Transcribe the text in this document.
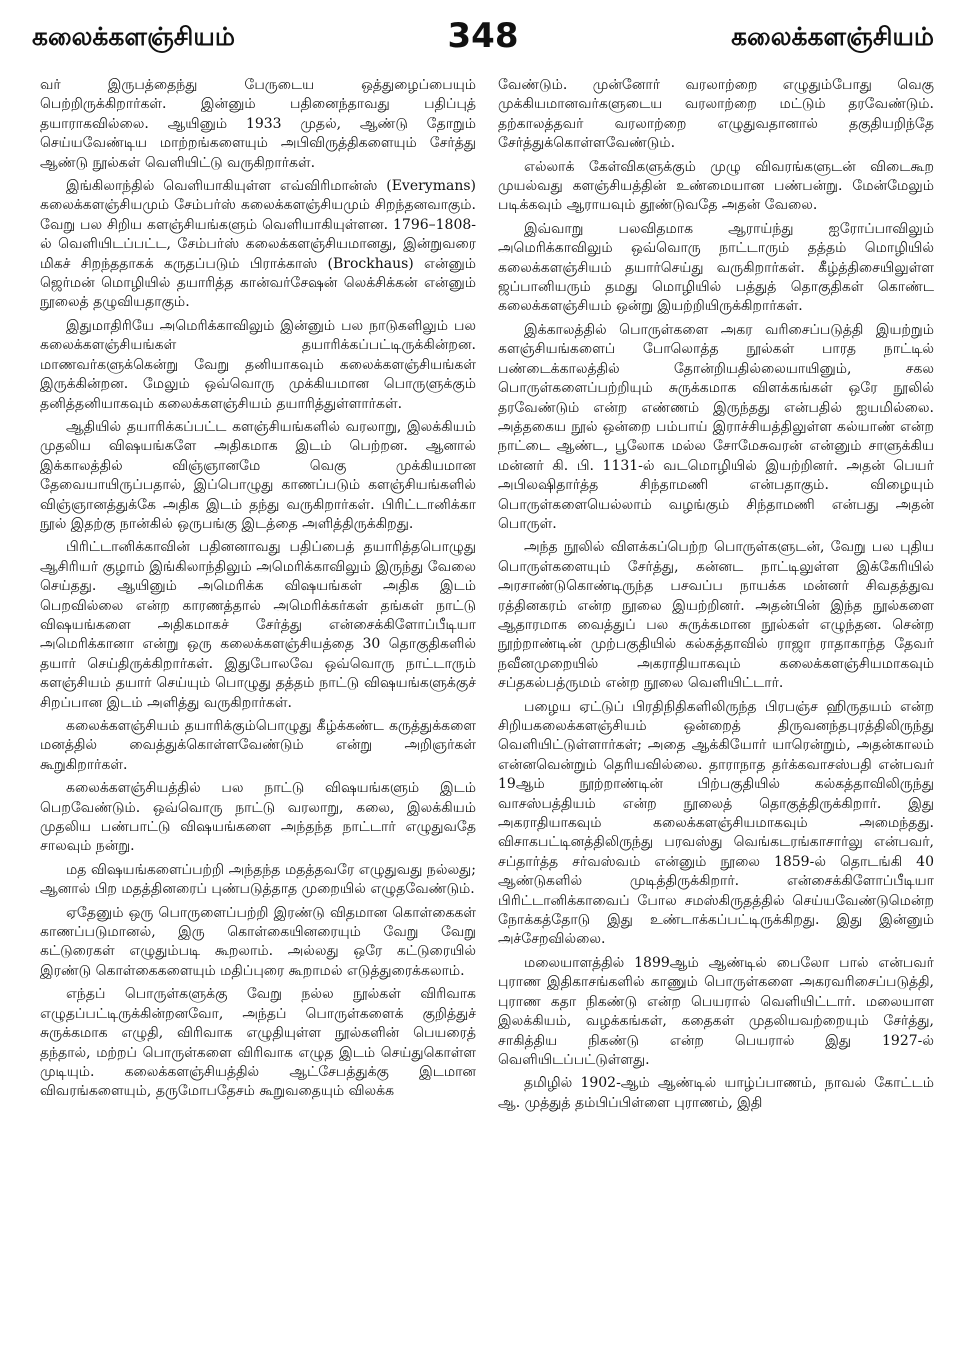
கலைக்களஞ்சியம்	348	கலைக்களஞ்சியம்

வர் இருபத்தைந்து பேருடைய ஒத்துழைப்பையும் பெற்றிருக்கிறார்கள். இன்னும் பதினைந்தாவது பதிப்புத் தயாராகவில்லை. ஆயினும் 1933 முதல், ஆண்டு தோறும் செய்யவேண்டிய மாற்றங்களையும் அபிவிருத்திகளையும் சேர்த்து ஆண்டு நூல்கள் வெளியிட்டு வருகிறார்கள்.

இங்கிலாந்தில் வெளியாகியுள்ள எவ்விரிமான்ஸ் (Everymans) கலைக்களஞ்சியமும் சேம்பர்ஸ் கலைக்களஞ்சியமும் சிறந்தனவாகும். வேறு பல சிறிய களஞ்சியங்களும் வெளியாகியுள்ளன. 1796–1808-ல் வெளியிடப்பட்ட, சேம்பர்ஸ் கலைக்களஞ்சியமானது, இன்றுவரை மிகச் சிறந்ததாகக் கருதப்படும் பிராக்காஸ் (Brockhaus) என்னும் ஜெர்மன் மொழியில் தயாரித்த கான்வர்சேஷன் லெக்சிக்கன் என்னும் நூலைத் தழுவியதாகும்.

இதுமாதிரியே அமெரிக்காவிலும் இன்னும் பல நாடுகளிலும் பல கலைக்களஞ்சியங்கள் தயாரிக்கப்பட்டிருக்கின்றன. மாணவர்களுக்கென்று வேறு தனியாகவும் கலைக்களஞ்சியங்கள் இருக்கின்றன. மேலும் ஒவ்வொரு முக்கியமான பொருளுக்கும் தனித்தனியாகவும் கலைக்களஞ்சியம் தயாரித்துள்ளார்கள்.

ஆதியில் தயாரிக்கப்பட்ட களஞ்சியங்களில் வரலாறு, இலக்கியம் முதலிய விஷயங்களே அதிகமாக இடம் பெற்றன. ஆனால் இக்காலத்தில் விஞ்ஞானமே வெகு முக்கியமான தேவையாயிருப்பதால், இப்பொழுது காணப்படும் களஞ்சியங்களில் விஞ்ஞானத்துக்கே அதிக இடம் தந்து வருகிறார்கள். பிரிட்டானிக்கா நூல் இதற்கு நான்கில் ஒருபங்கு இடத்தை அளித்திருக்கிறது.

பிரிட்டானிக்காவின் பதினனாவது பதிப்பைத் தயாரித்தபொழுது ஆசிரியர் குழாம் இங்கிலாந்திலும் அமெரிக்காவிலும் இருந்து வேலை செய்தது. ஆயினும் அமெரிக்க விஷயங்கள் அதிக இடம் பெறவில்லை என்ற காரணத்தால் அமெரிக்கர்கள் தங்கள் நாட்டு விஷயங்களை அதிகமாகச் சேர்த்து என்சைக்கிளோப்பீடியா அமெரிக்கானா என்று ஒரு கலைக்களஞ்சியத்தை 30 தொகுதிகளில் தயார் செய்திருக்கிறார்கள். இதுபோலவே ஒவ்வொரு நாட்டாரும் களஞ்சியம் தயார் செய்யும் பொழுது தத்தம் நாட்டு விஷயங்களுக்குச் சிறப்பான இடம் அளித்து வருகிறார்கள்.

கலைக்களஞ்சியம் தயாரிக்கும்பொழுது கீழ்க்கண்ட கருத்துக்களை மனத்தில் வைத்துக்கொள்ளவேண்டும் என்று அறிஞர்கள் கூறுகிறார்கள்.

கலைக்களஞ்சியத்தில் பல நாட்டு விஷயங்களும் இடம் பெறவேண்டும். ஒவ்வொரு நாட்டு வரலாறு, கலை, இலக்கியம் முதலிய பண்பாட்டு விஷயங்களை அந்தந்த நாட்டார் எழுதுவதே சாலவும் நன்று.

மத விஷயங்களைப்பற்றி அந்தந்த மதத்தவரே எழுதுவது நல்லது; ஆனால் பிற மதத்தினரைப் புண்படுத்தாத முறையில் எழுதவேண்டும்.

ஏதேனும் ஒரு பொருளைப்பற்றி இரண்டு விதமான கொள்கைகள் காணப்படுமானல், இரு கொள்கையினரையும் வேறு வேறு கட்டுரைகள் எழுதும்படி கூறலாம். அல்லது ஒரே கட்டுரையில் இரண்டு கொள்கைகளையும் மதிப்புரை கூறாமல் எடுத்துரைக்கலாம்.

எந்தப் பொருள்களுக்கு வேறு நல்ல நூல்கள் விரிவாக எழுதப்பட்டிருக்கின்றனவோ, அந்தப் பொருள்களைக் குறித்துச் சுருக்கமாக எழுதி, விரிவாக எழுதியுள்ள நூல்களின் பெயரைத் தந்தால், மற்றப் பொருள்களை விரிவாக எழுத இடம் செய்துகொள்ள முடியும். கலைக்களஞ்சியத்தில் ஆட்சேபத்துக்கு இடமான விவரங்களையும், தருமோபதேசம் கூறுவதையும் விலக்க

வேண்டும். முன்னோர் வரலாற்றை எழுதும்போது வெகு முக்கியமானவர்களுடைய வரலாற்றை மட்டும் தரவேண்டும். தற்காலத்தவர் வரலாற்றை எழுதுவதானால் தகுதியறிந்தே சேர்த்துக்கொள்ளவேண்டும்.

எல்லாக் கேள்விகளுக்கும் முழு விவரங்களுடன் விடைகூற முயல்வது களஞ்சியத்தின் உண்மையான பண்பன்று. மேன்மேலும் படிக்கவும் ஆராயவும் தூண்டுவதே அதன் வேலை.

இவ்வாறு பலவிதமாக ஆராய்ந்து ஐரோப்பாவிலும் அமெரிக்காவிலும் ஒவ்வொரு நாட்டாரும் தத்தம் மொழியில் கலைக்களஞ்சியம் தயார்செய்து வருகிறார்கள். கீழ்த்திசையிலுள்ள ஜப்பானியரும் தமது மொழியில் பத்துத் தொகுதிகள் கொண்ட கலைக்களஞ்சியம் ஒன்று இயற்றியிருக்கிறார்கள்.

இக்காலத்தில் பொருள்களை அகர வரிசைப்படுத்தி இயற்றும் களஞ்சியங்களைப் போலொத்த நூல்கள் பாரத நாட்டில் பண்டைக்காலத்தில் தோன்றியதில்லையாயினும், சகல பொருள்களைப்பற்றியும் சுருக்கமாக விளக்கங்கள் ஒரே நூலில் தரவேண்டும் என்ற எண்ணம் இருந்தது என்பதில் ஐயமில்லை. அத்தகைய நூல் ஒன்றை பம்பாய் இராச்சியத்திலுள்ள கல்யாண் என்ற நாட்டை ஆண்ட, பூலோக மல்ல சோமேசுவரன் என்னும் சாளுக்கிய மன்னர் கி. பி. 1131-ல் வடமொழியில் இயற்றினர். அதன் பெயர் அபிலஷிதார்த்த சிந்தாமணி என்பதாகும். விழையும் பொருள்களையெல்லாம் வழங்கும் சிந்தாமணி என்பது அதன் பொருள்.

அந்த நூலில் விளக்கப்பெற்ற பொருள்களுடன், வேறு பல புதிய பொருள்களையும் சேர்த்து, கன்னட நாட்டிலுள்ள இக்கேரியில் அரசாண்டுகொண்டிருந்த பசவப்ப நாயக்க மன்னர் சிவதத்துவ ரத்தினகரம் என்ற நூலை இயற்றினர். அதன்பின் இந்த நூல்களை ஆதாரமாக வைத்துப் பல சுருக்கமான நூல்கள் எழுந்தன. சென்ற நூற்றாண்டின் முற்பகுதியில் கல்கத்தாவில் ராஜா ராதாகாந்த தேவர் நவீனமுறையில் அகராதியாகவும் கலைக்களஞ்சியமாகவும் சப்தகல்பத்ருமம் என்ற நூலை வெளியிட்டார்.

பழைய ஏட்டுப் பிரதிநிதிகளிலிருந்த பிரபஞ்ச ஹிருதயம் என்ற சிறியகலைக்களஞ்சியம் ஒன்றைத் திருவனந்தபுரத்திலிருந்து வெளியிட்டுள்ளார்கள்; அதை ஆக்கியோர் யாரென்றும், அதன்காலம் என்னவென்றும் தெரியவில்லை. தாராநாத தர்க்கவாசஸ்பதி என்பவர் 19ஆம் நூற்றாண்டின் பிற்பகுதியில் கல்கத்தாவிலிருந்து வாசஸ்பத்தியம் என்ற நூலைத் தொகுத்திருக்கிறார். இது அகராதியாகவும் கலைக்களஞ்சியமாகவும் அமைந்தது. விசாகபட்டினத்திலிருந்து பரவஸ்து வெங்கடரங்காசார்லு என்பவர், சப்தார்த்த சர்வஸ்வம் என்னும் நூலை 1859-ல் தொடங்கி 40 ஆண்டுகளில் முடித்திருக்கிறார். என்சைக்கிளோப்பீடியா பிரிட்டானிக்காவைப் போல சமஸ்கிருதத்தில் செய்யவேண்டுமென்ற நோக்கத்தோடு இது உண்டாக்கப்பட்டிருக்கிறது. இது இன்னும் அச்சேறவில்லை.

மலையாளத்தில் 1899ஆம் ஆண்டில் பைலோ பால் என்பவர் புராண இதிகாசங்களில் காணும் பொருள்களை அகரவரிசைப்படுத்தி, புராண கதா நிகண்டு என்ற பெயரால் வெளியிட்டார். மலையாள இலக்கியம், வழக்கங்கள், கதைகள் முதலியவற்றையும் சேர்த்து, சாகித்திய நிகண்டு என்ற பெயரால் இது 1927-ல் வெளியிடப்பட்டுள்ளது.

தமிழில் 1902-ஆம் ஆண்டில் யாழ்ப்பாணம், நாவல் கோட்டம் ஆ. முத்துத் தம்பிப்பிள்ளை புராணம், இதி
